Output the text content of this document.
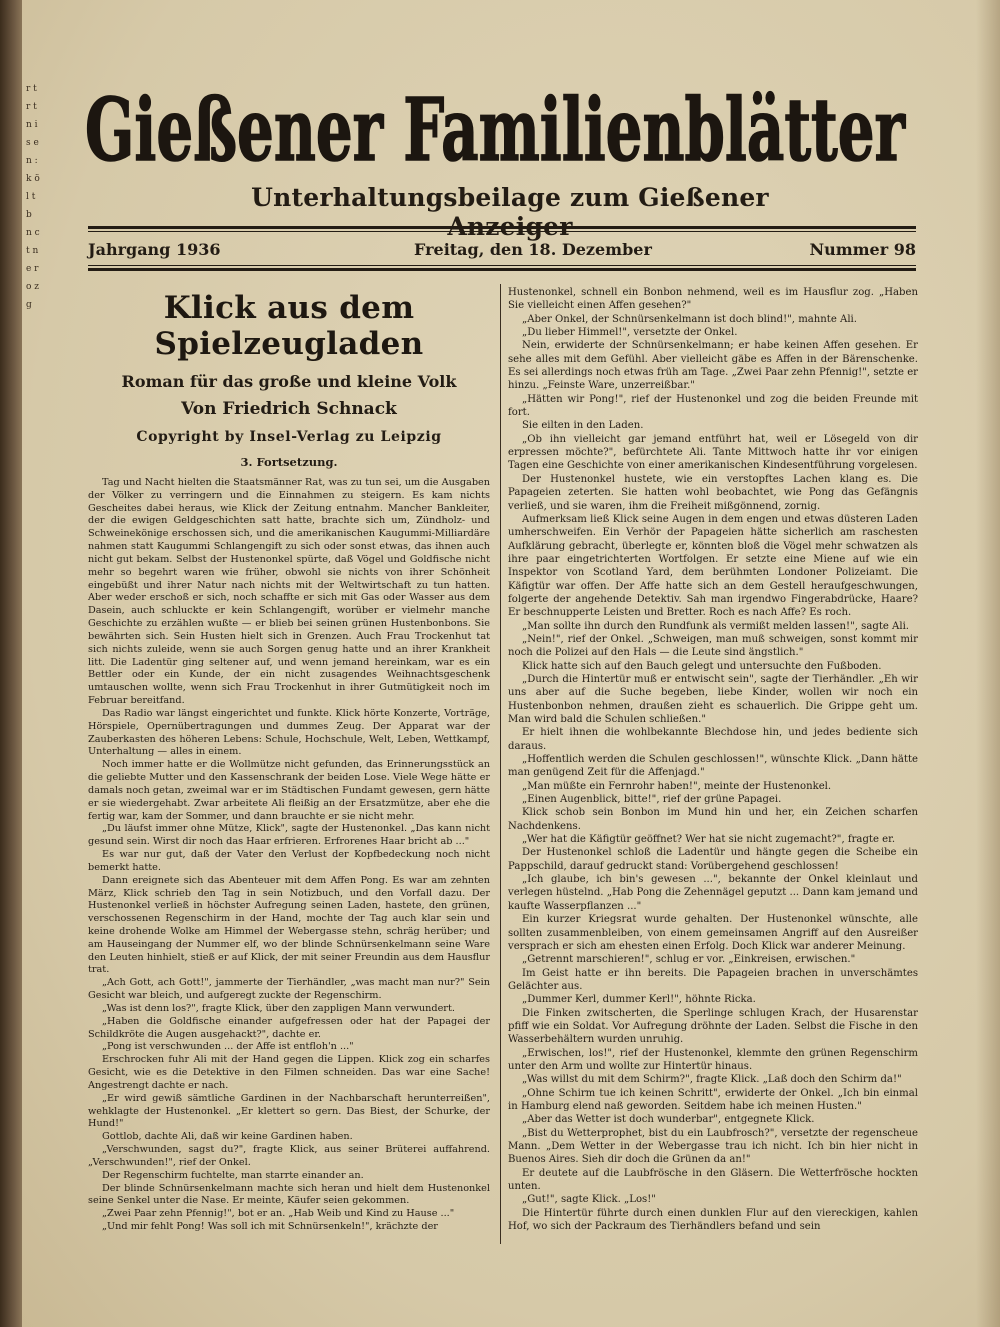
r t r t n i s e n : k ö l t b n c t n e r o z g
Gießener Familienblätter
Unterhaltungsbeilage zum Gießener
Jahrgang 1936	Freitag, den 18. Dezember	Nummer 98
Klick aus dem Spielzeugladen
Roman für das große und kleine Volk
Von Friedrich Schnack
Copyright by Insel-Verlag zu Leipzig
3. Fortsetzung.

Tag und Nacht hielten die Staatsmänner Rat, was zu tun sei, um die Ausgaben der Völker zu verringern und die Einnahmen zu steigern. Es kam nichts Gescheites dabei heraus, wie Klick der Zeitung entnahm. Mancher Bankleiter, der die ewigen Geldgeschichten satt hatte, brachte sich um, Zündholz- und Schweinekönige erschossen sich, und die amerikanischen Kaugummi-Milliardäre nahmen statt Kaugummi Schlangengift zu sich oder sonst etwas, das ihnen auch nicht gut bekam. Selbst der Hustenonkel spürte, daß Vögel und Goldfische nicht mehr so begehrt waren wie früher, obwohl sie nichts von ihrer Schönheit eingebüßt und ihrer Natur nach nichts mit der Weltwirtschaft zu tun hatten. Aber weder erschoß er sich, noch schaffte er sich mit Gas oder Wasser aus dem Dasein, auch schluckte er kein Schlangengift, worüber er vielmehr manche Geschichte zu erzählen wußte — er blieb bei seinen grünen Hustenbonbons. Sie bewährten sich. Sein Husten hielt sich in Grenzen. Auch Frau Trockenhut tat sich nichts zuleide, wenn sie auch Sorgen genug hatte und an ihrer Krankheit litt. Die Ladentür ging seltener auf, und wenn jemand hereinkam, war es ein Bettler oder ein Kunde, der ein nicht zusagendes Weihnachtsgeschenk umtauschen wollte, wenn sich Frau Trockenhut in ihrer Gutmütigkeit noch im Februar bereitfand.

Das Radio war längst eingerichtet und funkte. Klick hörte Konzerte, Vorträge, Hörspiele, Opernübertragungen und dummes Zeug. Der Apparat war der Zauberkasten des höheren Lebens: Schule, Hochschule, Welt, Leben, Wettkampf, Unterhaltung — alles in einem.

Noch immer hatte er die Wollmütze nicht gefunden, das Erinnerungsstück an die geliebte Mutter und den Kassenschrank der beiden Lose. Viele Wege hätte er damals noch getan, zweimal war er im Städtischen Fundamt gewesen, gern hätte er sie wiedergehabt. Zwar arbeitete Ali fleißig an der Ersatzmütze, aber ehe die fertig war, kam der Sommer, und dann brauchte er sie nicht mehr.

„Du läufst immer ohne Mütze, Klick", sagte der Hustenonkel. „Das kann nicht gesund sein. Wirst dir noch das Haar erfrieren. Erfrorenes Haar bricht ab ..."

Es war nur gut, daß der Vater den Verlust der Kopfbedeckung noch nicht bemerkt hatte.

Dann ereignete sich das Abenteuer mit dem Affen Pong. Es war am zehnten März, Klick schrieb den Tag in sein Notizbuch, und den Vorfall dazu. Der Hustenonkel verließ in höchster Aufregung seinen Laden, hastete, den grünen, verschossenen Regenschirm in der Hand, mochte der Tag auch klar sein und keine drohende Wolke am Himmel der Webergasse stehn, schräg herüber; und am Hauseingang der Nummer elf, wo der blinde Schnürsenkelmann seine Ware den Leuten hinhielt, stieß er auf Klick, der mit seiner Freundin aus dem Hausflur trat.

„Ach Gott, ach Gott!", jammerte der Tierhändler, „was macht man nur?" Sein Gesicht war bleich, und aufgeregt zuckte der Regenschirm.

„Was ist denn los?", fragte Klick, über den zappligen Mann verwundert.

„Haben die Goldfische einander aufgefressen oder hat der Papagei der Schildkröte die Augen ausgehackt?", dachte er.

„Pong ist verschwunden ... der Affe ist entfloh'n ..."

Erschrocken fuhr Ali mit der Hand gegen die Lippen. Klick zog ein scharfes Gesicht, wie es die Detektive in den Filmen schneiden. Das war eine Sache! Angestrengt dachte er nach.

„Er wird gewiß sämtliche Gardinen in der Nachbarschaft herunterreißen", wehklagte der Hustenonkel. „Er klettert so gern. Das Biest, der Schurke, der Hund!"

Gottlob, dachte Ali, daß wir keine Gardinen haben.

„Verschwunden, sagst du?", fragte Klick, aus seiner Brüterei auffahrend. „Verschwunden!", rief der Onkel.

Der Regenschirm fuchtelte, man starrte einander an.

Der blinde Schnürsenkelmann machte sich heran und hielt dem Hustenonkel seine Senkel unter die Nase. Er meinte, Käufer seien gekommen.

„Zwei Paar zehn Pfennig!", bot er an. „Hab Weib und Kind zu Hause ..."

„Und mir fehlt Pong! Was soll ich mit Schnürsenkeln!", krächzte der

Hustenonkel, schnell ein Bonbon nehmend, weil es im Hausflur zog. „Haben Sie vielleicht einen Affen gesehen?"

„Aber Onkel, der Schnürsenkelmann ist doch blind!", mahnte Ali.

„Du lieber Himmel!", versetzte der Onkel.

Nein, erwiderte der Schnürsenkelmann; er habe keinen Affen gesehen. Er sehe alles mit dem Gefühl. Aber vielleicht gäbe es Affen in der Bärenschenke. Es sei allerdings noch etwas früh am Tage. „Zwei Paar zehn Pfennig!", setzte er hinzu. „Feinste Ware, unzerreißbar."

„Hätten wir Pong!", rief der Hustenonkel und zog die beiden Freunde mit fort.

Sie eilten in den Laden.

„Ob ihn vielleicht gar jemand entführt hat, weil er Lösegeld von dir erpressen möchte?", befürchtete Ali. Tante Mittwoch hatte ihr vor einigen Tagen eine Geschichte von einer amerikanischen Kindesentführung vorgelesen.

Der Hustenonkel hustete, wie ein verstopftes Lachen klang es. Die Papageien zeterten. Sie hatten wohl beobachtet, wie Pong das Gefängnis verließ, und sie waren, ihm die Freiheit mißgönnend, zornig.

Aufmerksam ließ Klick seine Augen in dem engen und etwas düsteren Laden umherschweifen. Ein Verhör der Papageien hätte sicherlich am raschesten Aufklärung gebracht, überlegte er, könnten bloß die Vögel mehr schwatzen als ihre paar eingetrichterten Wortfolgen. Er setzte eine Miene auf wie ein Inspektor von Scotland Yard, dem berühmten Londoner Polizeiamt. Die Käfigtür war offen. Der Affe hatte sich an dem Gestell heraufgeschwungen, folgerte der angehende Detektiv. Sah man irgendwo Fingerabdrücke, Haare? Er beschnupperte Leisten und Bretter. Roch es nach Affe? Es roch.

„Man sollte ihn durch den Rundfunk als vermißt melden lassen!", sagte Ali.

„Nein!", rief der Onkel. „Schweigen, man muß schweigen, sonst kommt mir noch die Polizei auf den Hals — die Leute sind ängstlich."

Klick hatte sich auf den Bauch gelegt und untersuchte den Fußboden.

„Durch die Hintertür muß er entwischt sein", sagte der Tierhändler. „Eh wir uns aber auf die Suche begeben, liebe Kinder, wollen wir noch ein Hustenbonbon nehmen, draußen zieht es schauerlich. Die Grippe geht um. Man wird bald die Schulen schließen."

Er hielt ihnen die wohlbekannte Blechdose hin, und jedes bediente sich daraus.

„Hoffentlich werden die Schulen geschlossen!", wünschte Klick. „Dann hätte man genügend Zeit für die Affenjagd."

„Man müßte ein Fernrohr haben!", meinte der Hustenonkel.

„Einen Augenblick, bitte!", rief der grüne Papagei.

Klick schob sein Bonbon im Mund hin und her, ein Zeichen scharfen Nachdenkens.

„Wer hat die Käfigtür geöffnet? Wer hat sie nicht zugemacht?", fragte er.

Der Hustenonkel schloß die Ladentür und hängte gegen die Scheibe ein Pappschild, darauf gedruckt stand: Vorübergehend geschlossen!

„Ich glaube, ich bin's gewesen ...", bekannte der Onkel kleinlaut und verlegen hüstelnd. „Hab Pong die Zehennägel geputzt ... Dann kam jemand und kaufte Wasserpflanzen ..."

Ein kurzer Kriegsrat wurde gehalten. Der Hustenonkel wünschte, alle sollten zusammenbleiben, von einem gemeinsamen Angriff auf den Ausreißer versprach er sich am ehesten einen Erfolg. Doch Klick war anderer Meinung.

„Getrennt marschieren!", schlug er vor. „Einkreisen, erwischen."

Im Geist hatte er ihn bereits. Die Papageien brachen in unverschämtes Gelächter aus.

„Dummer Kerl, dummer Kerl!", höhnte Ricka.

Die Finken zwitscherten, die Sperlinge schlugen Krach, der Husarenstar pfiff wie ein Soldat. Vor Aufregung dröhnte der Laden. Selbst die Fische in den Wasserbehältern wurden unruhig.

„Erwischen, los!", rief der Hustenonkel, klemmte den grünen Regenschirm unter den Arm und wollte zur Hintertür hinaus.

„Was willst du mit dem Schirm?", fragte Klick. „Laß doch den Schirm da!"

„Ohne Schirm tue ich keinen Schritt", erwiderte der Onkel. „Ich bin einmal in Hamburg elend naß geworden. Seitdem habe ich meinen Husten."

„Aber das Wetter ist doch wunderbar", entgegnete Klick.

„Bist du Wetterprophet, bist du ein Laubfrosch?", versetzte der regenscheue Mann. „Dem Wetter in der Webergasse trau ich nicht. Ich bin hier nicht in Buenos Aires. Sieh dir doch die Grünen da an!"

Er deutete auf die Laubfrösche in den Gläsern. Die Wetterfrösche hockten unten.

„Gut!", sagte Klick. „Los!"

Die Hintertür führte durch einen dunklen Flur auf den viereckigen, kahlen Hof, wo sich der Packraum des Tierhändlers befand und sein
